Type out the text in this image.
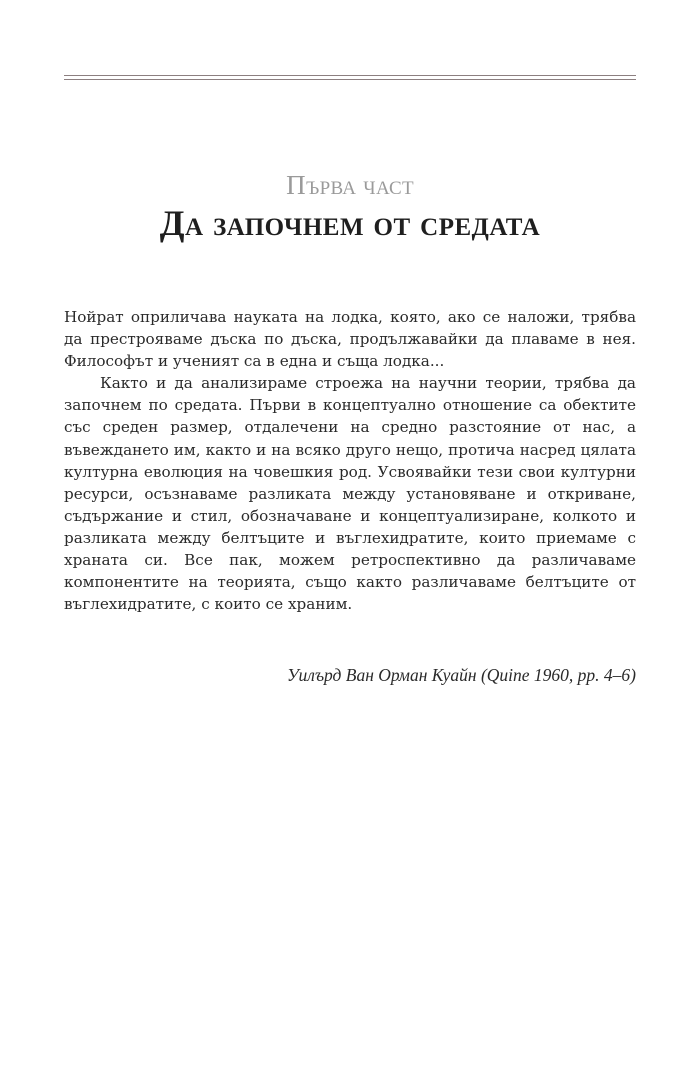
Първа част
Да започнем от средата

Нойрат оприличава науката на лодка, която, ако се наложи, трябва да престрояваме дъска по дъска, продължавайки да плаваме в нея. Философът и ученият са в една и съща лодка...

Както и да анализираме строежа на научни теории, трябва да започнем по средата. Първи в концептуално отношение са обектите със среден размер, отдалечени на средно разстояние от нас, а въвеждането им, както и на всяко друго нещо, протича насред цялата културна еволюция на човешкия род. Усвоявайки тези свои културни ресурси, осъзнаваме разликата между установяване и откриване, съдържание и стил, обозначаване и концептуализиране, колкото и разликата между белтъците и въглехидратите, които приемаме с храната си. Все пак, можем ретроспективно да различаваме компонентите на теорията, също както различаваме белтъците от въглехидратите, с които се храним.

Уилърд Ван Орман Куайн (Quine 1960, pp. 4–6)
